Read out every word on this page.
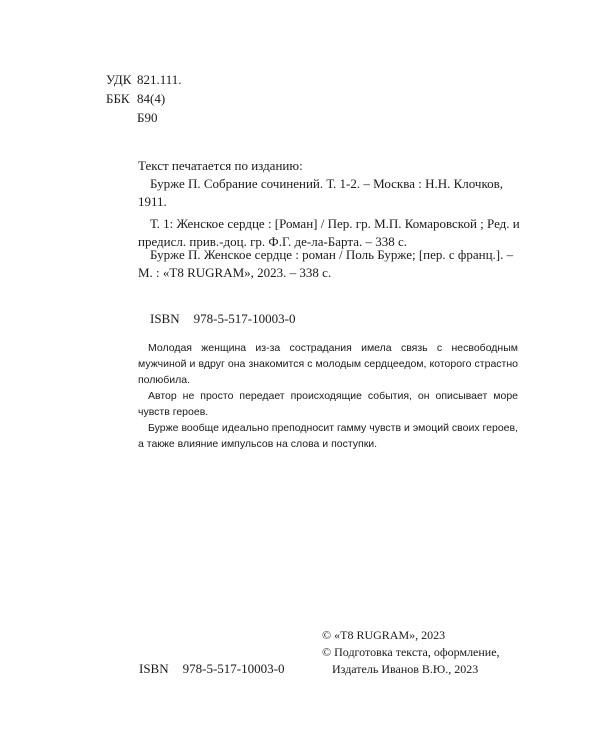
УДК 821.111.
ББК 84(4)
Б90

Текст печатается по изданию:

Бурже П. Собрание сочинений. Т. 1-2. – Москва : Н.Н. Клочков, 1911.

Т. 1: Женское сердце : [Роман] / Пер. гр. М.П. Комаровской ; Ред. и предисл. прив.-доц. гр. Ф.Г. де-ла-Барта. – 338 с.

Бурже П. Женское сердце : роман / Поль Бурже; [пер. с франц.]. – М. : «Т8 RUGRAM», 2023. – 338 с.

ISBN 978-5-517-10003-0

Молодая женщина из-за сострадания имела связь с несвободным мужчиной и вдруг она знакомится с молодым сердцеедом, которого страстно полюбила.

Автор не просто передает происходящие события, он описывает море чувств героев.

Бурже вообще идеально преподносит гамму чувств и эмоций своих героев, а также влияние импульсов на слова и поступки.

© «Т8 RUGRAM», 2023
© Подготовка текста, оформление,
Издатель Иванов В.Ю., 2023
ISBN 978-5-517-10003-0
